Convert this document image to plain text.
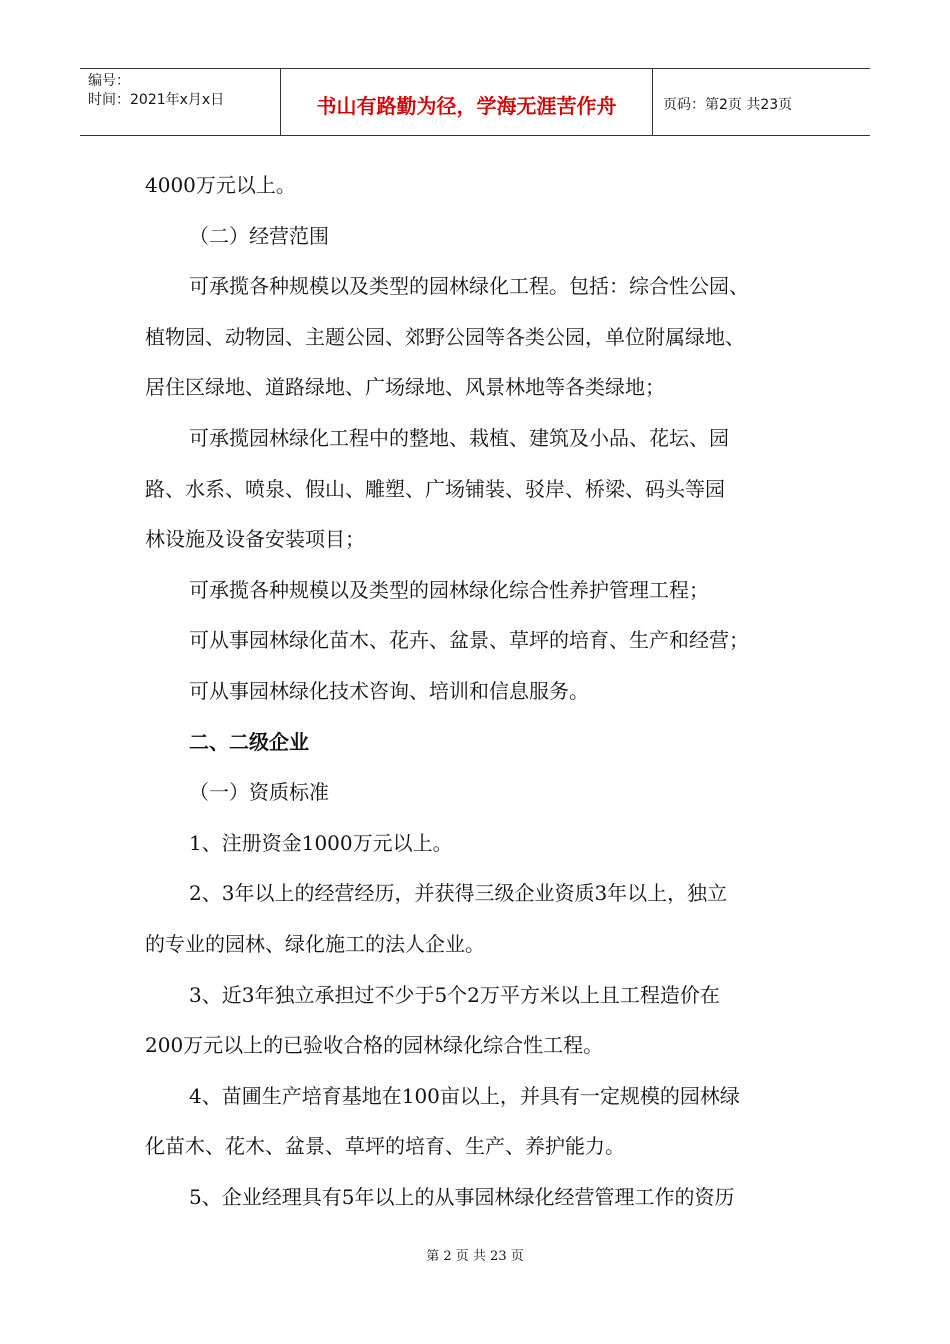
编号：
时间：2021年x月x日	书山有路勤为径，学海无涯苦作舟	页码：第2页 共23页
4000万元以上。
（二）经营范围
可承揽各种规模以及类型的园林绿化工程。包括：综合性公园、
植物园、动物园、主题公园、郊野公园等各类公园，单位附属绿地、
居住区绿地、道路绿地、广场绿地、风景林地等各类绿地；
可承揽园林绿化工程中的整地、栽植、建筑及小品、花坛、园
路、水系、喷泉、假山、雕塑、广场铺装、驳岸、桥梁、码头等园
林设施及设备安装项目；
可承揽各种规模以及类型的园林绿化综合性养护管理工程；
可从事园林绿化苗木、花卉、盆景、草坪的培育、生产和经营；
可从事园林绿化技术咨询、培训和信息服务。
二、二级企业
（一）资质标准
1、注册资金1000万元以上。
2、3年以上的经营经历，并获得三级企业资质3年以上，独立
的专业的园林、绿化施工的法人企业。
3、近3年独立承担过不少于5个2万平方米以上且工程造价在
200万元以上的已验收合格的园林绿化综合性工程。
4、苗圃生产培育基地在100亩以上，并具有一定规模的园林绿
化苗木、花木、盆景、草坪的培育、生产、养护能力。
5、企业经理具有5年以上的从事园林绿化经营管理工作的资历
第 2 页 共 23 页
